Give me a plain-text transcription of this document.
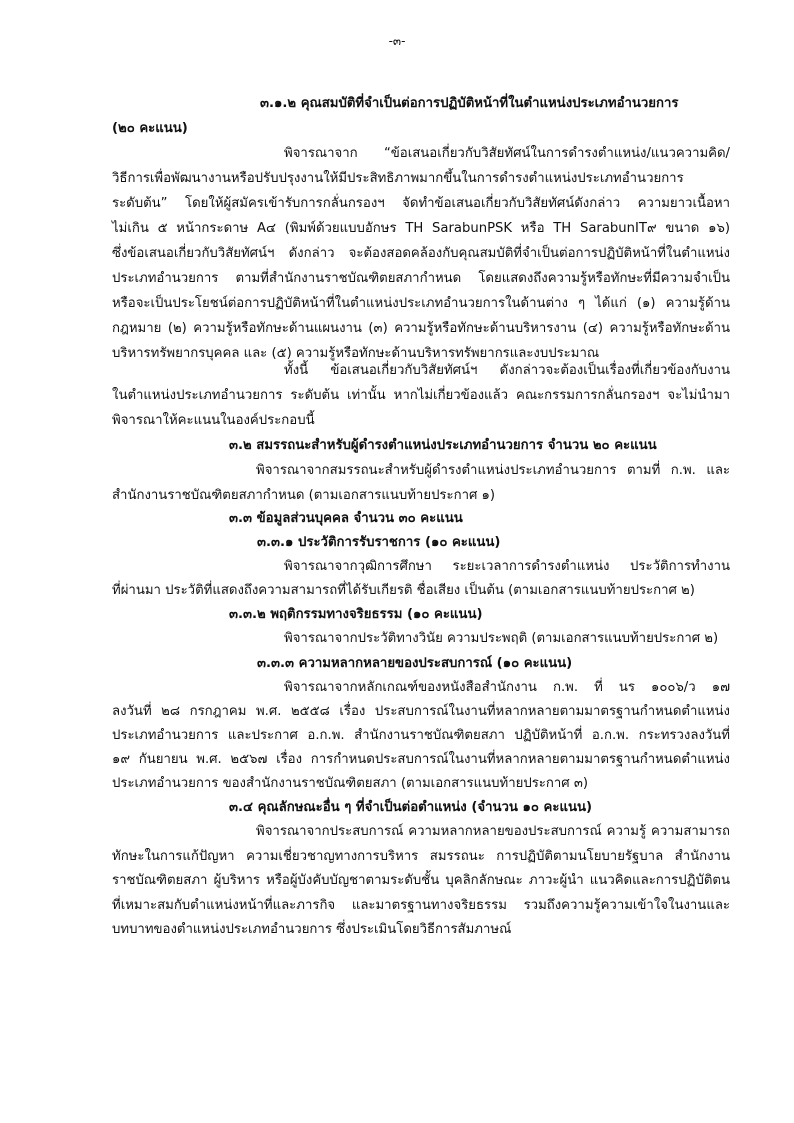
-๓-
๓.๑.๒ คุณสมบัติที่จำเป็นต่อการปฏิบัติหน้าที่ในตำแหน่งประเภทอำนวยการ
(๒๐ คะแนน)
พิจารณาจาก “ข้อเสนอเกี่ยวกับวิสัยทัศน์ในการดำรงตำแหน่ง/แนวความคิด/
วิธีการเพื่อพัฒนางานหรือปรับปรุงงานให้มีประสิทธิภาพมากขึ้นในการดำรงตำแหน่งประเภทอำนวยการ
ระดับต้น” โดยให้ผู้สมัครเข้ารับการกลั่นกรองฯ จัดทำข้อเสนอเกี่ยวกับวิสัยทัศน์ดังกล่าว ความยาวเนื้อหา
ไม่เกิน ๕ หน้ากระดาษ A๔ (พิมพ์ด้วยแบบอักษร TH SarabunPSK หรือ TH SarabunIT๙ ขนาด ๑๖)
ซึ่งข้อเสนอเกี่ยวกับวิสัยทัศน์ฯ ดังกล่าว จะต้องสอดคล้องกับคุณสมบัติที่จำเป็นต่อการปฏิบัติหน้าที่ในตำแหน่ง
ประเภทอำนวยการ ตามที่สำนักงานราชบัณฑิตยสภากำหนด โดยแสดงถึงความรู้หรือทักษะที่มีความจำเป็น
หรือจะเป็นประโยชน์ต่อการปฏิบัติหน้าที่ในตำแหน่งประเภทอำนวยการในด้านต่าง ๆ ได้แก่ (๑) ความรู้ด้าน
กฎหมาย (๒) ความรู้หรือทักษะด้านแผนงาน (๓) ความรู้หรือทักษะด้านบริหารงาน (๔) ความรู้หรือทักษะด้าน
บริหารทรัพยากรบุคคล และ (๕) ความรู้หรือทักษะด้านบริหารทรัพยากรและงบประมาณ
ทั้งนี้ ข้อเสนอเกี่ยวกับวิสัยทัศน์ฯ ดังกล่าวจะต้องเป็นเรื่องที่เกี่ยวข้องกับงาน
ในตำแหน่งประเภทอำนวยการ ระดับต้น เท่านั้น หากไม่เกี่ยวข้องแล้ว คณะกรรมการกลั่นกรองฯ จะไม่นำมา
พิจารณาให้คะแนนในองค์ประกอบนี้
๓.๒ สมรรถนะสำหรับผู้ดำรงตำแหน่งประเภทอำนวยการ จำนวน ๒๐ คะแนน
พิจารณาจากสมรรถนะสำหรับผู้ดำรงตำแหน่งประเภทอำนวยการ ตามที่ ก.พ. และ
สำนักงานราชบัณฑิตยสภากำหนด (ตามเอกสารแนบท้ายประกาศ ๑)
๓.๓ ข้อมูลส่วนบุคคล จำนวน ๓๐ คะแนน
๓.๓.๑ ประวัติการรับราชการ (๑๐ คะแนน)
พิจารณาจากวุฒิการศึกษา ระยะเวลาการดำรงตำแหน่ง ประวัติการทำงาน
ที่ผ่านมา ประวัติที่แสดงถึงความสามารถที่ได้รับเกียรติ ชื่อเสียง เป็นต้น (ตามเอกสารแนบท้ายประกาศ ๒)
๓.๓.๒ พฤติกรรมทางจริยธรรม (๑๐ คะแนน)
พิจารณาจากประวัติทางวินัย ความประพฤติ (ตามเอกสารแนบท้ายประกาศ ๒)
๓.๓.๓ ความหลากหลายของประสบการณ์ (๑๐ คะแนน)
พิจารณาจากหลักเกณฑ์ของหนังสือสำนักงาน ก.พ. ที่ นร ๑๐๐๖/ว ๑๗
ลงวันที่ ๒๘ กรกฎาคม พ.ศ. ๒๕๕๘ เรื่อง ประสบการณ์ในงานที่หลากหลายตามมาตรฐานกำหนดตำแหน่ง
ประเภทอำนวยการ และประกาศ อ.ก.พ. สำนักงานราชบัณฑิตยสภา ปฏิบัติหน้าที่ อ.ก.พ. กระทรวงลงวันที่
๑๙ กันยายน พ.ศ. ๒๕๖๗ เรื่อง การกำหนดประสบการณ์ในงานที่หลากหลายตามมาตรฐานกำหนดตำแหน่ง
ประเภทอำนวยการ ของสำนักงานราชบัณฑิตยสภา (ตามเอกสารแนบท้ายประกาศ ๓)
๓.๔ คุณลักษณะอื่น ๆ ที่จำเป็นต่อตำแหน่ง (จำนวน ๑๐ คะแนน)
พิจารณาจากประสบการณ์ ความหลากหลายของประสบการณ์ ความรู้ ความสามารถ
ทักษะในการแก้ปัญหา ความเชี่ยวชาญทางการบริหาร สมรรถนะ การปฏิบัติตามนโยบายรัฐบาล สำนักงาน
ราชบัณฑิตยสภา ผู้บริหาร หรือผู้บังคับบัญชาตามระดับชั้น บุคลิกลักษณะ ภาวะผู้นำ แนวคิดและการปฏิบัติตน
ที่เหมาะสมกับตำแหน่งหน้าที่และภารกิจ และมาตรฐานทางจริยธรรม รวมถึงความรู้ความเข้าใจในงานและ
บทบาทของตำแหน่งประเภทอำนวยการ ซึ่งประเมินโดยวิธีการสัมภาษณ์
